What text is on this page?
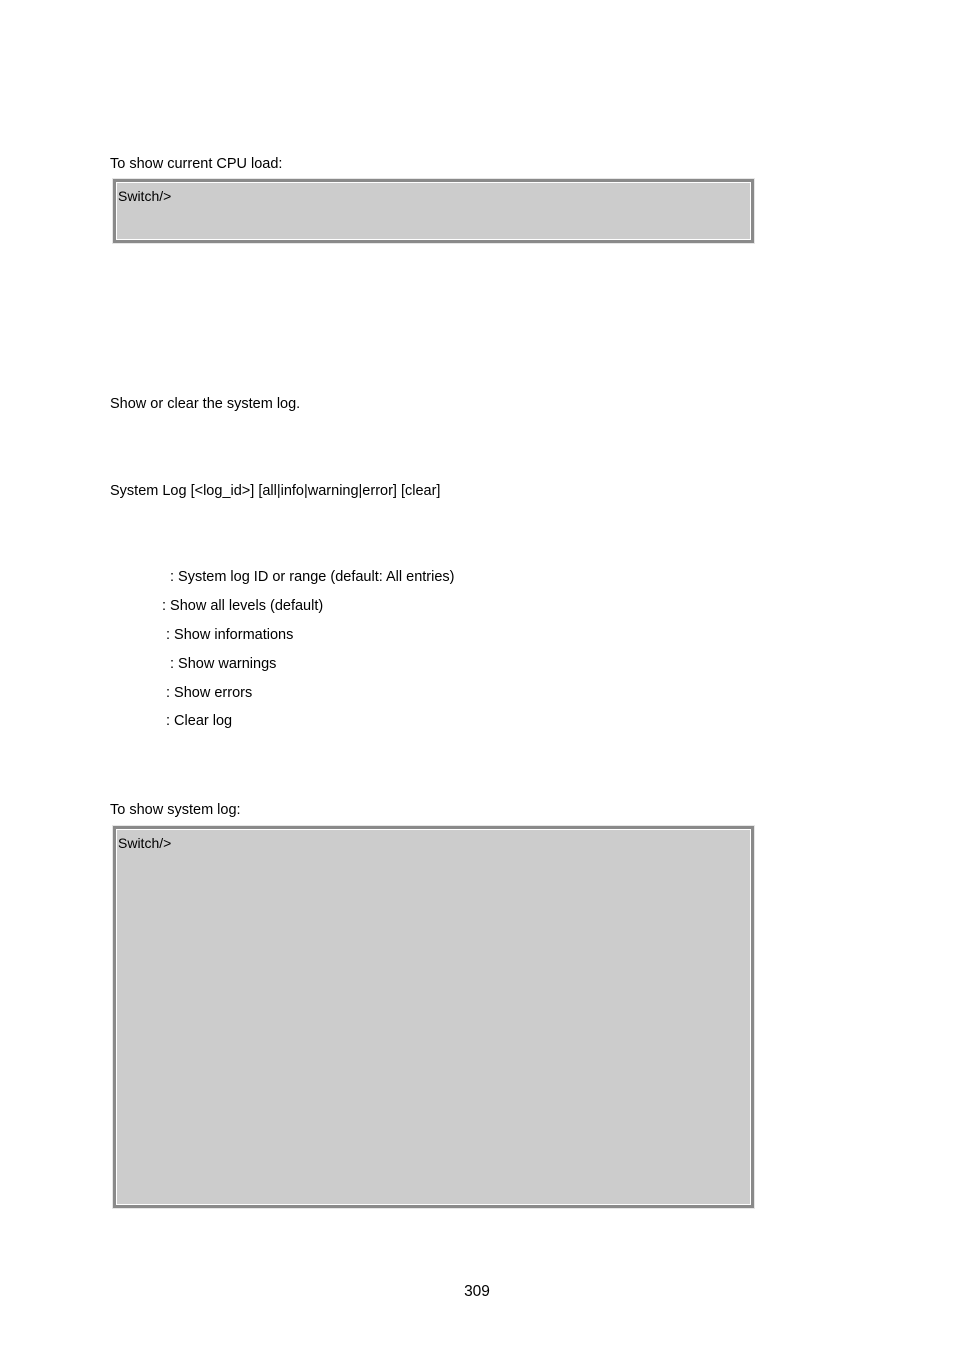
To show current CPU load:
Switch/>
Show or clear the system log.
System Log [<log_id>] [all|info|warning|error] [clear]
: System log ID or range (default: All entries)
: Show all levels (default)
: Show informations
: Show warnings
: Show errors
: Clear log
To show system log:
Switch/>
309
